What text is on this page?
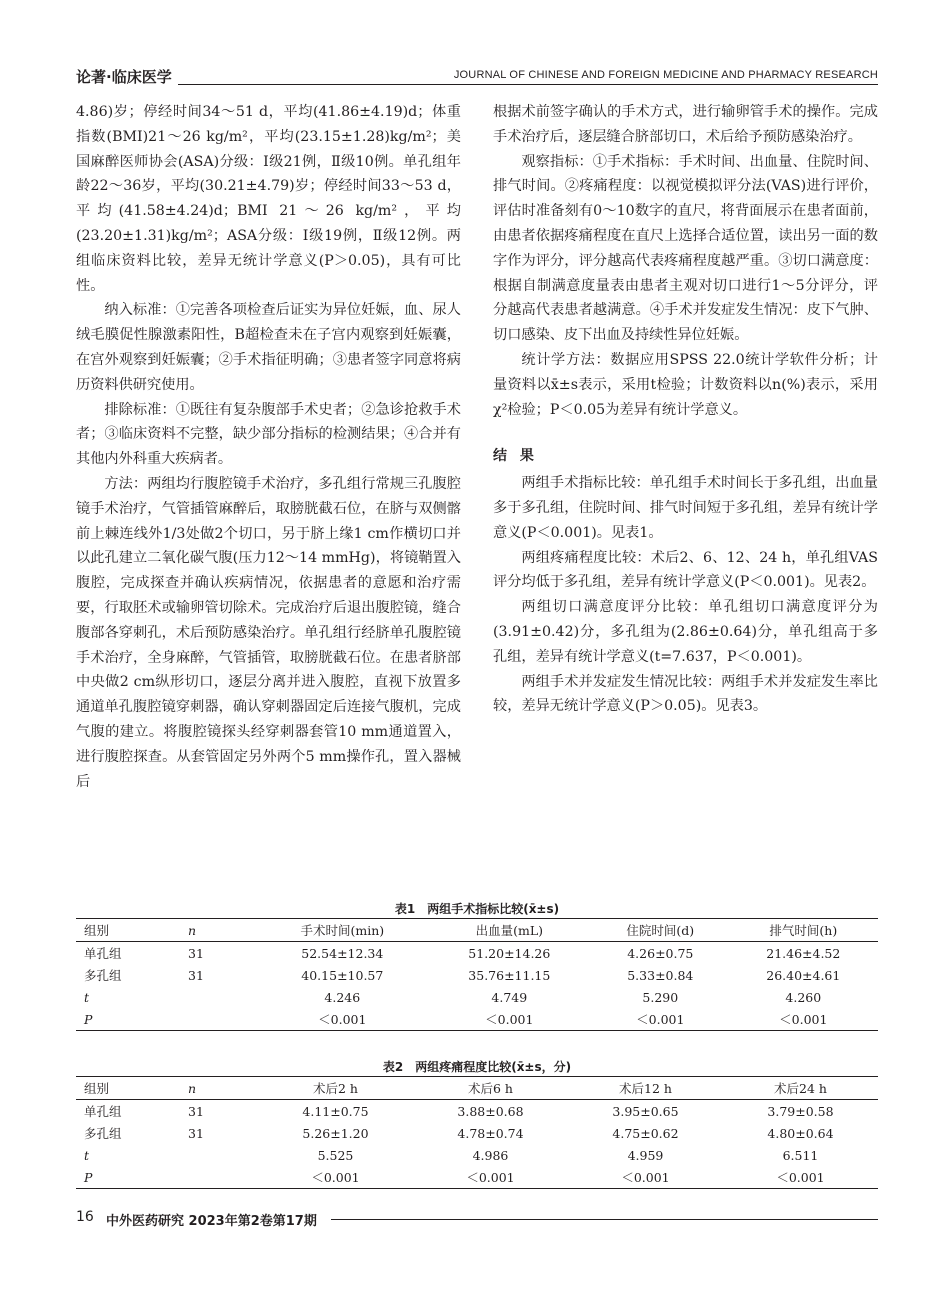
论著·临床医学	JOURNAL OF CHINESE AND FOREIGN MEDICINE AND PHARMACY RESEARCH

4.86)岁；停经时间34～51 d，平均(41.86±4.19)d；体重指数(BMI)21～26 kg/m²，平均(23.15±1.28)kg/m²；美国麻醉医师协会(ASA)分级：Ⅰ级21例，Ⅱ级10例。单孔组年龄22～36岁，平均(30.21±4.79)岁；停经时间33～53 d，平均(41.58±4.24)d；BMI 21～26 kg/m²，平均(23.20±1.31)kg/m²；ASA分级：Ⅰ级19例，Ⅱ级12例。两组临床资料比较，差异无统计学意义(P＞0.05)，具有可比性。

纳入标准：①完善各项检查后证实为异位妊娠，血、尿人绒毛膜促性腺激素阳性，B超检查未在子宫内观察到妊娠囊，在宫外观察到妊娠囊；②手术指征明确；③患者签字同意将病历资料供研究使用。

排除标准：①既往有复杂腹部手术史者；②急诊抢救手术者；③临床资料不完整，缺少部分指标的检测结果；④合并有其他内外科重大疾病者。

方法：两组均行腹腔镜手术治疗，多孔组行常规三孔腹腔镜手术治疗，气管插管麻醉后，取膀胱截石位，在脐与双侧髂前上棘连线外1/3处做2个切口，另于脐上缘1 cm作横切口并以此孔建立二氧化碳气腹(压力12～14 mmHg)，将镜鞘置入腹腔，完成探查并确认疾病情况，依据患者的意愿和治疗需要，行取胚术或输卵管切除术。完成治疗后退出腹腔镜，缝合腹部各穿刺孔，术后预防感染治疗。单孔组行经脐单孔腹腔镜手术治疗，全身麻醉，气管插管，取膀胱截石位。在患者脐部中央做2 cm纵形切口，逐层分离并进入腹腔，直视下放置多通道单孔腹腔镜穿刺器，确认穿刺器固定后连接气腹机，完成气腹的建立。将腹腔镜探头经穿刺器套管10 mm通道置入，进行腹腔探查。从套管固定另外两个5 mm操作孔，置入器械后

根据术前签字确认的手术方式，进行输卵管手术的操作。完成手术治疗后，逐层缝合脐部切口，术后给予预防感染治疗。

观察指标：①手术指标：手术时间、出血量、住院时间、排气时间。②疼痛程度：以视觉模拟评分法(VAS)进行评价，评估时准备刻有0～10数字的直尺，将背面展示在患者面前，由患者依据疼痛程度在直尺上选择合适位置，读出另一面的数字作为评分，评分越高代表疼痛程度越严重。③切口满意度：根据自制满意度量表由患者主观对切口进行1～5分评分，评分越高代表患者越满意。④手术并发症发生情况：皮下气肿、切口感染、皮下出血及持续性异位妊娠。

统计学方法：数据应用SPSS 22.0统计学软件分析；计量资料以x̄±s表示，采用t检验；计数资料以n(%)表示，采用χ²检验；P＜0.05为差异有统计学意义。

结 果

两组手术指标比较：单孔组手术时间长于多孔组，出血量多于多孔组，住院时间、排气时间短于多孔组，差异有统计学意义(P＜0.001)。见表1。

两组疼痛程度比较：术后2、6、12、24 h，单孔组VAS评分均低于多孔组，差异有统计学意义(P＜0.001)。见表2。

两组切口满意度评分比较：单孔组切口满意度评分为(3.91±0.42)分，多孔组为(2.86±0.64)分，单孔组高于多孔组，差异有统计学意义(t=7.637，P＜0.001)。

两组手术并发症发生情况比较：两组手术并发症发生率比较，差异无统计学意义(P＞0.05)。见表3。

表1　两组手术指标比较(x̄±s)
组别	n	手术时间(min)	出血量(mL)	住院时间(d)	排气时间(h)
单孔组	31	52.54±12.34	51.20±14.26	4.26±0.75	21.46±4.52
多孔组	31	40.15±10.57	35.76±11.15	5.33±0.84	26.40±4.61
t		4.246	4.749	5.290	4.260
P		＜0.001	＜0.001	＜0.001	＜0.001
表2　两组疼痛程度比较(x̄±s，分)
组别	n	术后2 h	术后6 h	术后12 h	术后24 h
单孔组	31	4.11±0.75	3.88±0.68	3.95±0.65	3.79±0.58
多孔组	31	5.26±1.20	4.78±0.74	4.75±0.62	4.80±0.64
t		5.525	4.986	4.959	6.511
P		＜0.001	＜0.001	＜0.001	＜0.001
16 中外医药研究 2023年第2卷第17期
